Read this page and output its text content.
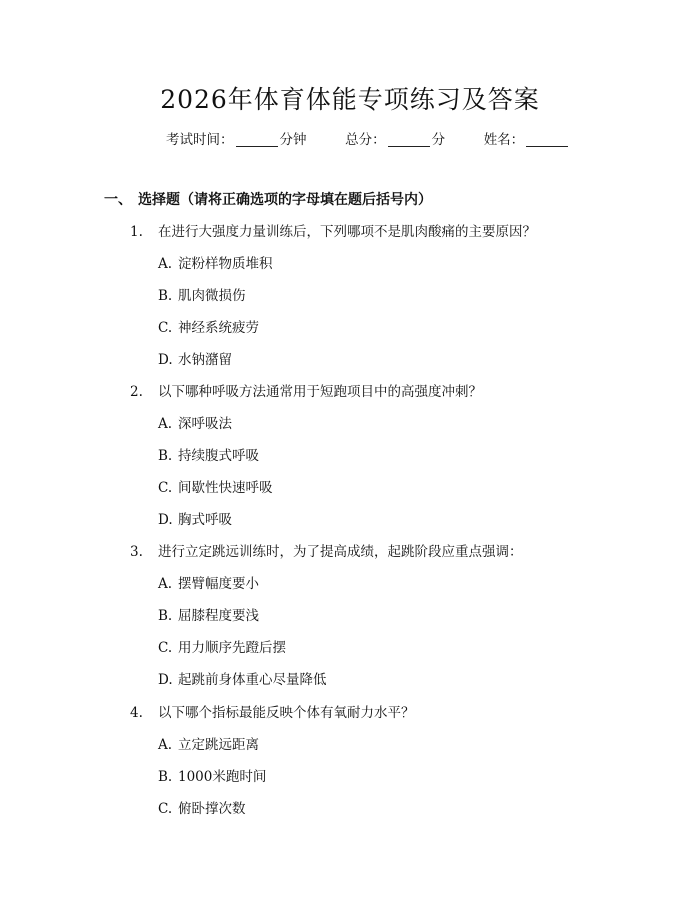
2026年体育体能专项练习及答案
考试时间：	分钟	总分：	分	姓名：
一、 选择题（请将正确选项的字母填在题后括号内）
1. 在进行大强度力量训练后，下列哪项不是肌肉酸痛的主要原因？
A. 淀粉样物质堆积
B. 肌肉微损伤
C. 神经系统疲劳
D. 水钠潴留
2. 以下哪种呼吸方法通常用于短跑项目中的高强度冲刺？
A. 深呼吸法
B. 持续腹式呼吸
C. 间歇性快速呼吸
D. 胸式呼吸
3. 进行立定跳远训练时，为了提高成绩，起跳阶段应重点强调：
A. 摆臂幅度要小
B. 屈膝程度要浅
C. 用力顺序先蹬后摆
D. 起跳前身体重心尽量降低
4. 以下哪个指标最能反映个体有氧耐力水平？
A. 立定跳远距离
B. 1000米跑时间
C. 俯卧撑次数
